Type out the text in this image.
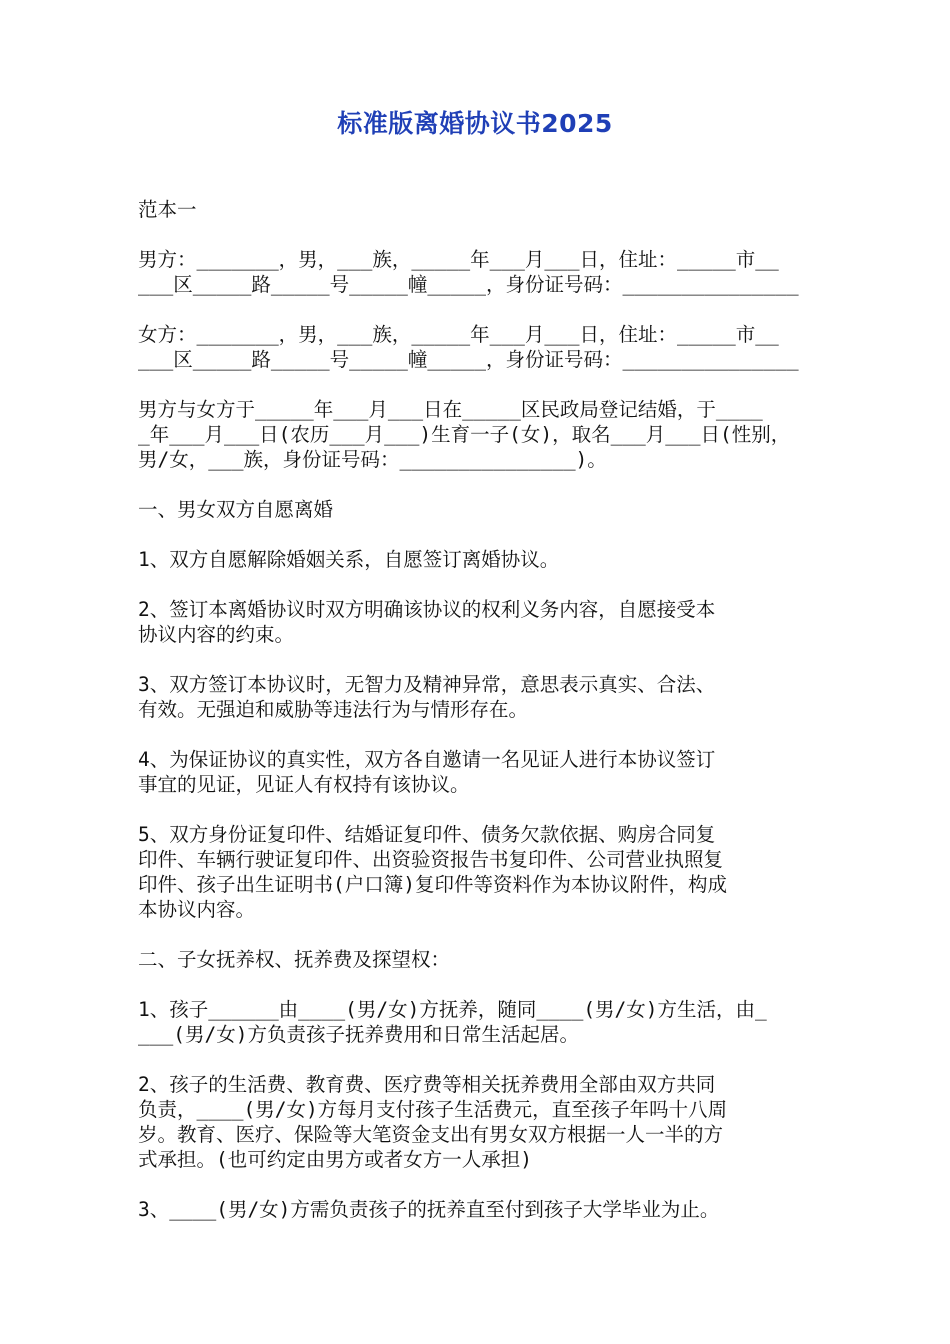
标准版离婚协议书2025
范本一
男方：_______，男，___族，_____年___月___日，住址：_____市__
___区_____路_____号_____幢_____，身份证号码：_______________
女方：_______，男，___族，_____年___月___日，住址：_____市__
___区_____路_____号_____幢_____，身份证号码：_______________
男方与女方于_____年___月___日在_____区民政局登记结婚，于____
_年___月___日(农历___月___)生育一子(女)，取名___月___日(性别，
男/女，___族，身份证号码：_______________)。
一、男女双方自愿离婚
1、双方自愿解除婚姻关系，自愿签订离婚协议。
2、签订本离婚协议时双方明确该协议的权利义务内容，自愿接受本
协议内容的约束。
3、双方签订本协议时，无智力及精神异常，意思表示真实、合法、
有效。无强迫和威胁等违法行为与情形存在。
4、为保证协议的真实性，双方各自邀请一名见证人进行本协议签订
事宜的见证，见证人有权持有该协议。
5、双方身份证复印件、结婚证复印件、债务欠款依据、购房合同复
印件、车辆行驶证复印件、出资验资报告书复印件、公司营业执照复
印件、孩子出生证明书(户口簿)复印件等资料作为本协议附件，构成
本协议内容。
二、子女抚养权、抚养费及探望权：
1、孩子______由____(男/女)方抚养，随同____(男/女)方生活，由_
___(男/女)方负责孩子抚养费用和日常生活起居。
2、孩子的生活费、教育费、医疗费等相关抚养费用全部由双方共同
负责，____(男/女)方每月支付孩子生活费元，直至孩子年吗十八周
岁。教育、医疗、保险等大笔资金支出有男女双方根据一人一半的方
式承担。(也可约定由男方或者女方一人承担)
3、____(男/女)方需负责孩子的抚养直至付到孩子大学毕业为止。
